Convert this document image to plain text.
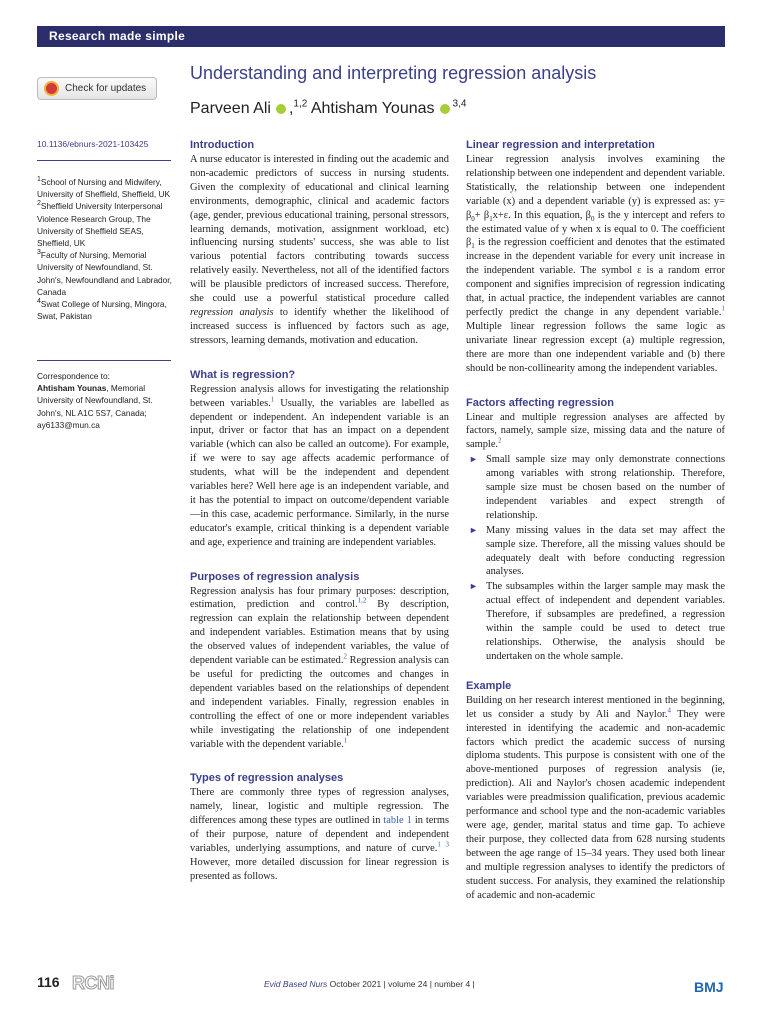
Research made simple
Check for updates
Understanding and interpreting regression analysis
Parveen Ali ,$^{1,2}$ Ahtisham Younas $^{3,4}$
10.1136/ebnurs-2021-103425
$^1$School of Nursing and Midwifery, University of Sheffield, Sheffield, UK
$^2$Sheffield University Interpersonal Violence Research Group, The University of Sheffield SEAS, Sheffield, UK
$^3$Faculty of Nursing, Memorial University of Newfoundland, St. John's, Newfoundland and Labrador, Canada
$^4$Swat College of Nursing, Mingora, Swat, Pakistan
Correspondence to:
Ahtisham Younas, Memorial University of Newfoundland, St. John's, NL A1C 5S7, Canada; ay6133@mun.ca
Introduction

A nurse educator is interested in finding out the academic and non-academic predictors of success in nursing students. Given the complexity of educational and clinical learning environments, demographic, clinical and academic factors (age, gender, previous educational training, personal stressors, learning demands, motivation, assignment workload, etc) influencing nursing students' success, she was able to list various potential factors contributing towards success relatively easily. Nevertheless, not all of the identified factors will be plausible predictors of increased success. Therefore, she could use a powerful statistical procedure called regression analysis to identify whether the likelihood of increased success is influenced by factors such as age, stressors, learning demands, motivation and education.

What is regression?

Regression analysis allows for investigating the relationship between variables.$^1$ Usually, the variables are labelled as dependent or independent. An independent variable is an input, driver or factor that has an impact on a dependent variable (which can also be called an outcome). For example, if we were to say age affects academic performance of students, what will be the independent and dependent variables here? Well here age is an independent variable, and it has the potential to impact on outcome/dependent variable—in this case, academic performance. Similarly, in the nurse educator's example, critical thinking is a dependent variable and age, experience and training are independent variables.

Purposes of regression analysis

Regression analysis has four primary purposes: description, estimation, prediction and control.$^{1,2}$ By description, regression can explain the relationship between dependent and independent variables. Estimation means that by using the observed values of independent variables, the value of dependent variable can be estimated.$^2$ Regression analysis can be useful for predicting the outcomes and changes in dependent variables based on the relationships of dependent and independent variables. Finally, regression enables in controlling the effect of one or more independent variables while investigating the relationship of one independent variable with the dependent variable.$^1$

Types of regression analyses

There are commonly three types of regression analyses, namely, linear, logistic and multiple regression. The differences among these types are outlined in table 1 in terms of their purpose, nature of dependent and independent variables, underlying assumptions, and nature of curve.$^{1 3}$ However, more detailed discussion for linear regression is presented as follows.

Linear regression and interpretation

Linear regression analysis involves examining the relationship between one independent and dependent variable. Statistically, the relationship between one independent variable (x) and a dependent variable (y) is expressed as: $y= \beta_0+ \beta_1x+\varepsilon$. In this equation, $\beta_0$ is the y intercept and refers to the estimated value of y when x is equal to 0. The coefficient $\beta_1$ is the regression coefficient and denotes that the estimated increase in the dependent variable for every unit increase in the independent variable. The symbol ε is a random error component and signifies imprecision of regression indicating that, in actual practice, the independent variables are cannot perfectly predict the change in any dependent variable.$^1$ Multiple linear regression follows the same logic as univariate linear regression except (a) multiple regression, there are more than one independent variable and (b) there should be non-collinearity among the independent variables.

Factors affecting regression

Linear and multiple regression analyses are affected by factors, namely, sample size, missing data and the nature of sample.$^2$

► Small sample size may only demonstrate connections among variables with strong relationship. Therefore, sample size must be chosen based on the number of independent variables and expect strength of relationship.
► Many missing values in the data set may affect the sample size. Therefore, all the missing values should be adequately dealt with before conducting regression analyses.
► The subsamples within the larger sample may mask the actual effect of independent and dependent variables. Therefore, if subsamples are predefined, a regression within the sample could be used to detect true relationships. Otherwise, the analysis should be undertaken on the whole sample.
Example

Building on her research interest mentioned in the beginning, let us consider a study by Ali and Naylor.$^4$ They were interested in identifying the academic and non-academic factors which predict the academic success of nursing diploma students. This purpose is consistent with one of the above-mentioned purposes of regression analysis (ie, prediction). Ali and Naylor's chosen academic independent variables were preadmission qualification, previous academic performance and school type and the non-academic variables were age, gender, marital status and time gap. To achieve their purpose, they collected data from 628 nursing students between the age range of 15–34 years. They used both linear and multiple regression analyses to identify the predictors of student success. For analysis, they examined the relationship of academic and non-academic

116 RCNi	Evid Based Nurs October 2021 | volume 24 | number 4 |	BMJ
